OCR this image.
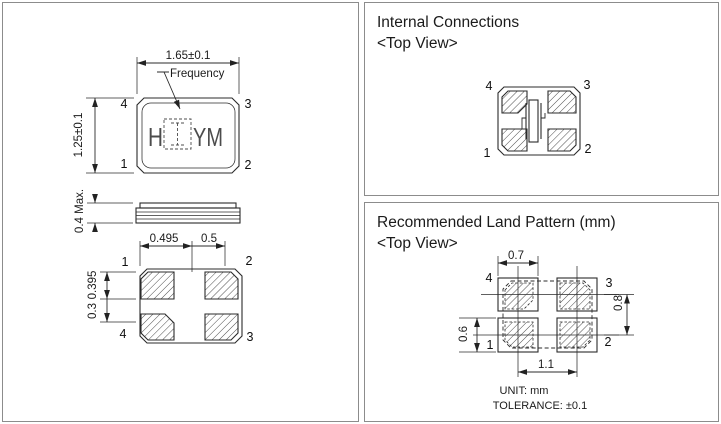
H YM
Frequency
1.65±0.1
1.25±0.1
4	3
1	2
0.4 Max.
0.495 0.5
0.395
0.3
1	2
4	3
Internal Connections
<Top View>
4	3
1	2
Recommended Land Pattern (mm)
<Top View>
0.7
1.1
0.6
0.8
4	3
1	2
UNIT: mm
TOLERANCE: ±0.1
